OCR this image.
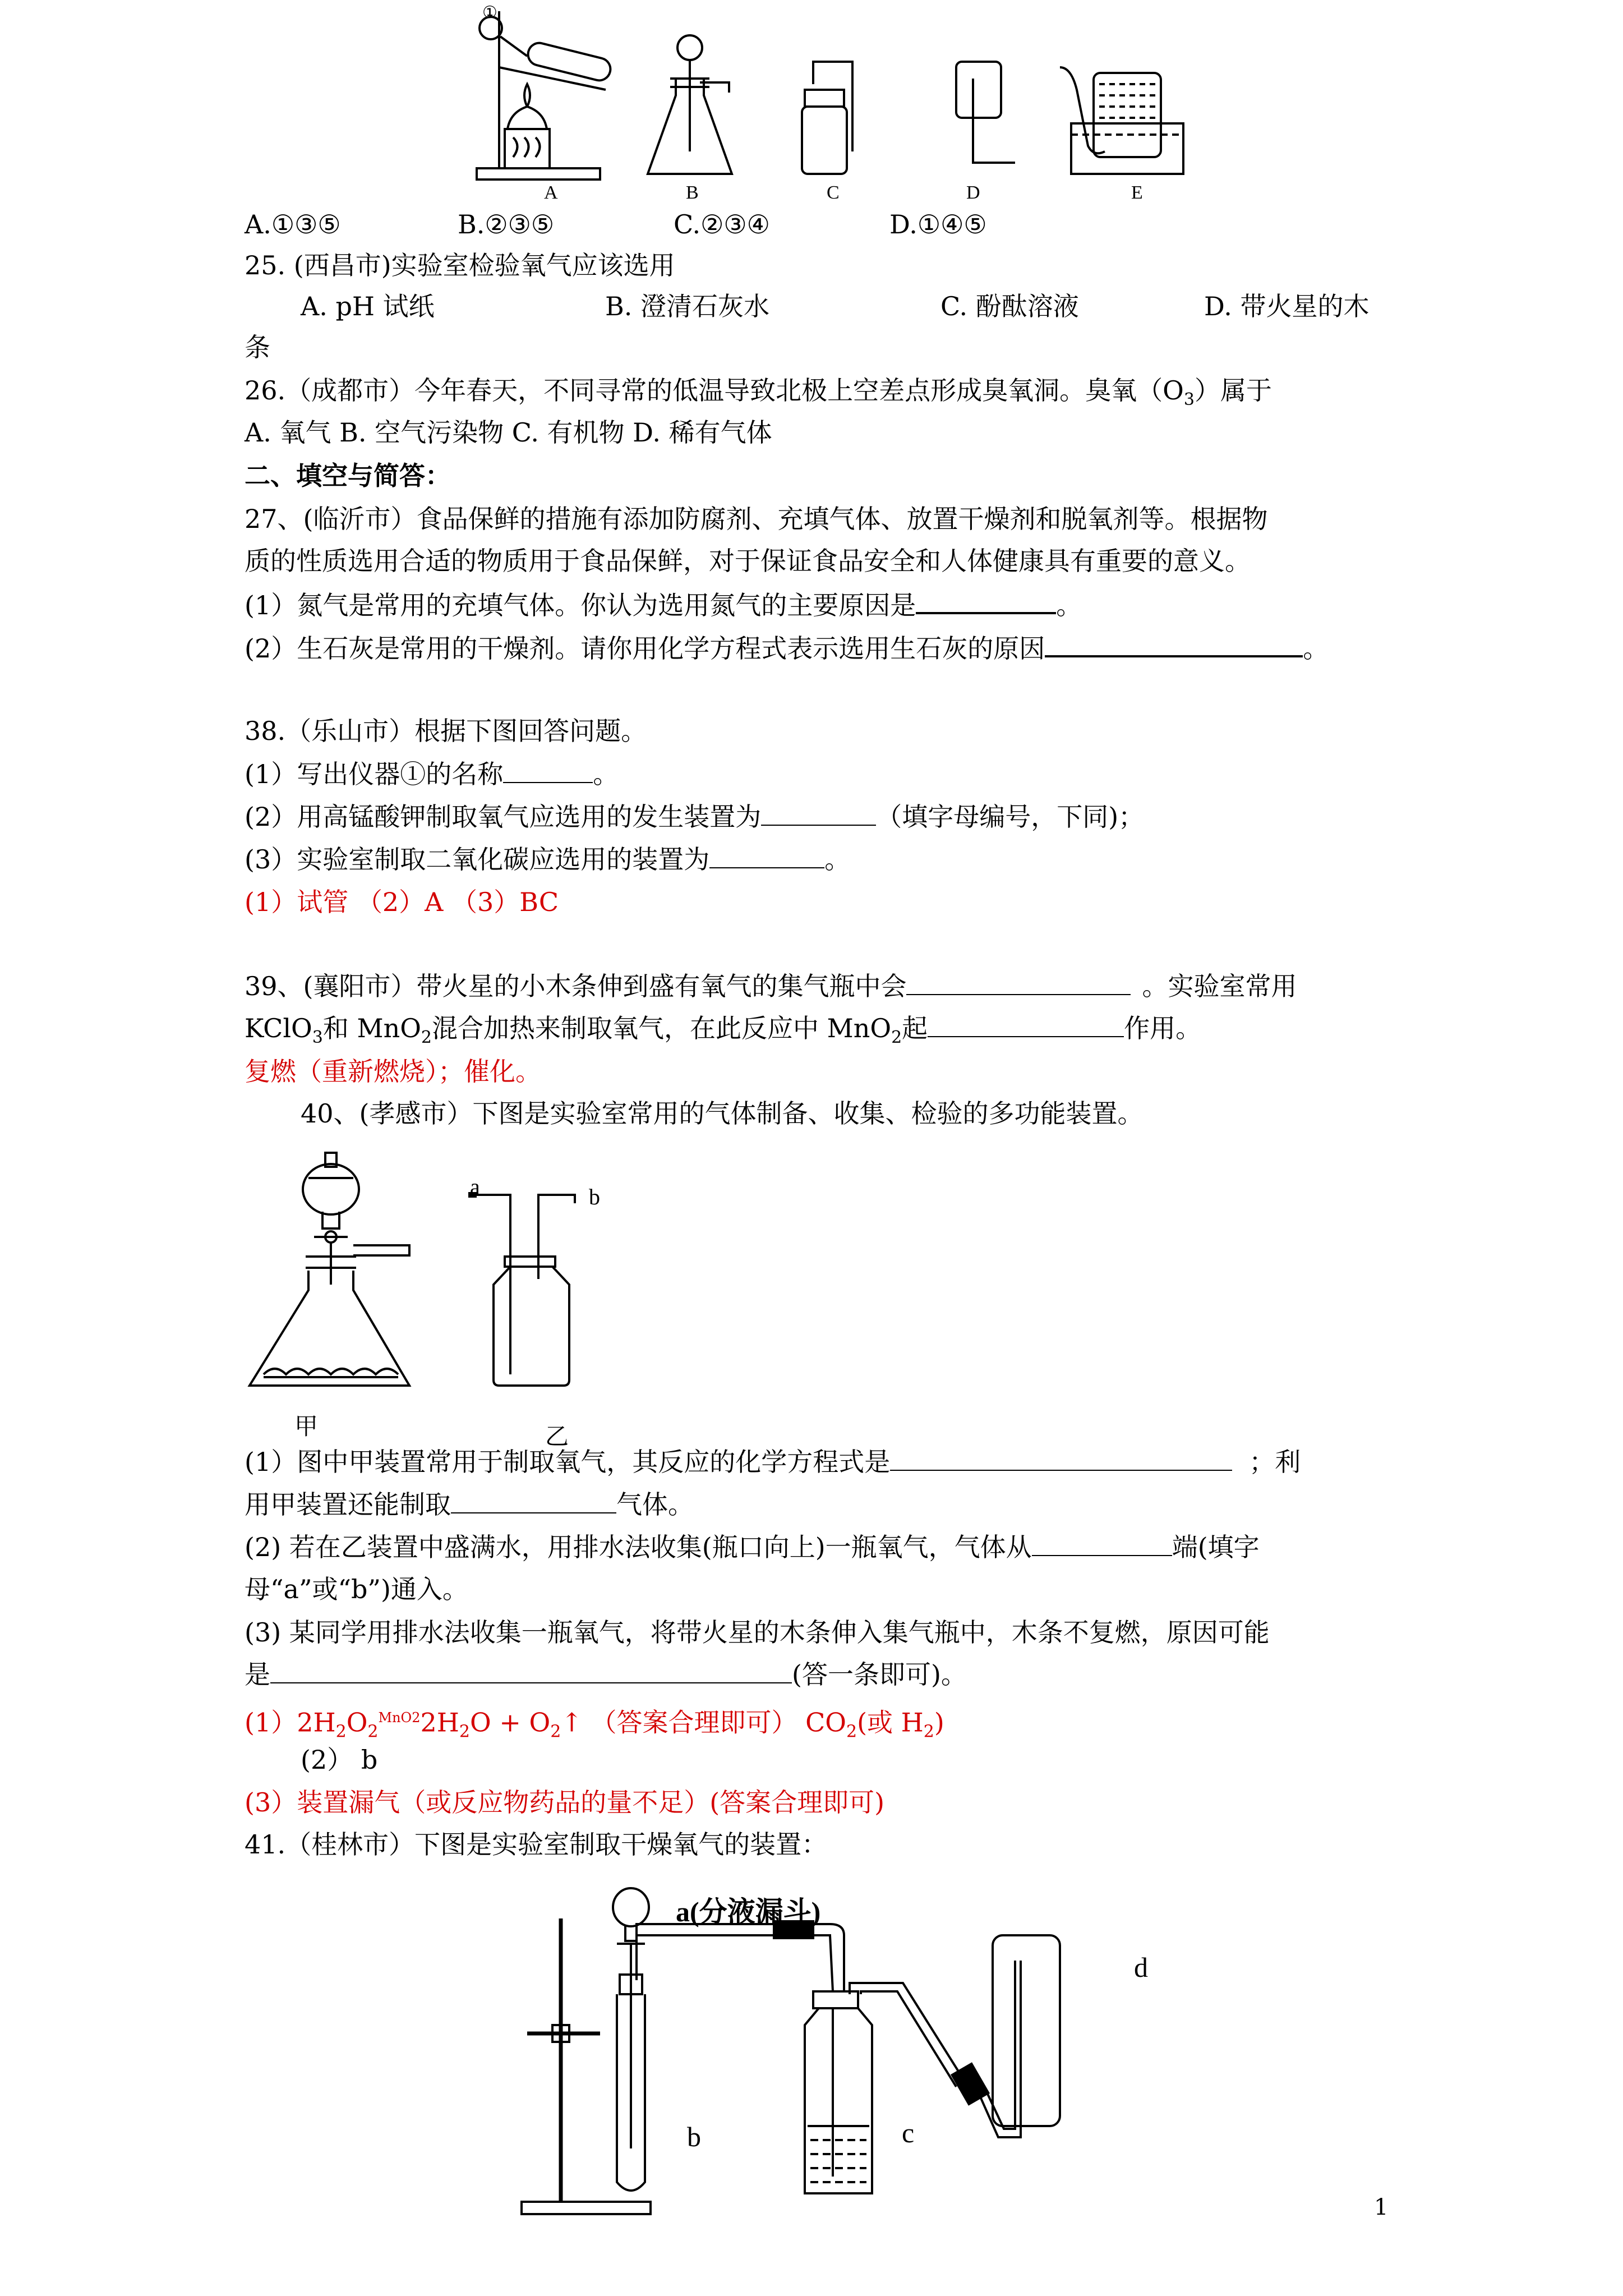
A	B	C	D	E
①
A.①③⑤	B.②③⑤	C.②③④	D.①④⑤
25. (西昌市)实验室检验氧气应该选用
A. pH 试纸	B. 澄清石灰水	C. 酚酞溶液	D. 带火星的木
条
26.（成都市）今年春天，不同寻常的低温导致北极上空差点形成臭氧洞。臭氧$(O_3)$属于
A. 氧气 B. 空气污染物 C. 有机物 D. 稀有气体
二、填空与简答：
27、(临沂市）食品保鲜的措施有添加防腐剂、充填气体、放置干燥剂和脱氧剂等。根据物
质的性质选用合适的物质用于食品保鲜，对于保证食品安全和人体健康具有重要的意义。
(1）氮气是常用的充填气体。你认为选用氮气的主要原因是	。
(2）生石灰是常用的干燥剂。请你用化学方程式表示选用生石灰的原因	。
38.（乐山市）根据下图回答问题。
(1）写出仪器①的名称	。
(2）用高锰酸钾制取氧气应选用的发生装置为	（填字母编号，下同)；
(3）实验室制取二氧化碳应选用的装置为	。
(1）试管 （2）A （3）BC
39、(襄阳市）带火星的小木条伸到盛有氧气的集气瓶中会	。实验室常用
KClO$_3$和 MnO$_2$混合加热来制取氧气，在此反应中 MnO$_2$起	作用。
复燃（重新燃烧）；催化。
40、(孝感市）下图是实验室常用的气体制备、收集、检验的多功能装置。
a	b
甲	乙
(1）图中甲装置常用于制取氧气，其反应的化学方程式是	；利
用甲装置还能制取	气体。
(2) 若在乙装置中盛满水，用排水法收集(瓶口向上)一瓶氧气，气体从	端(填字
母“a”或“b”)通入。
(3) 某同学用排水法收集一瓶氧气，将带火星的木条伸入集气瓶中，木条不复燃，原因可能
是	(答一条即可)。
$(1)2H_2O_2^{MnO2}2H_2O$ + $O_2↑$ （答案合理即可） $CO_2$(或 $H_2$)
(2） b
(3）装置漏气（或反应物药品的量不足）(答案合理即可)
41.（桂林市）下图是实验室制取干燥氧气的装置：
a(分液漏斗)
b	c
d
1
